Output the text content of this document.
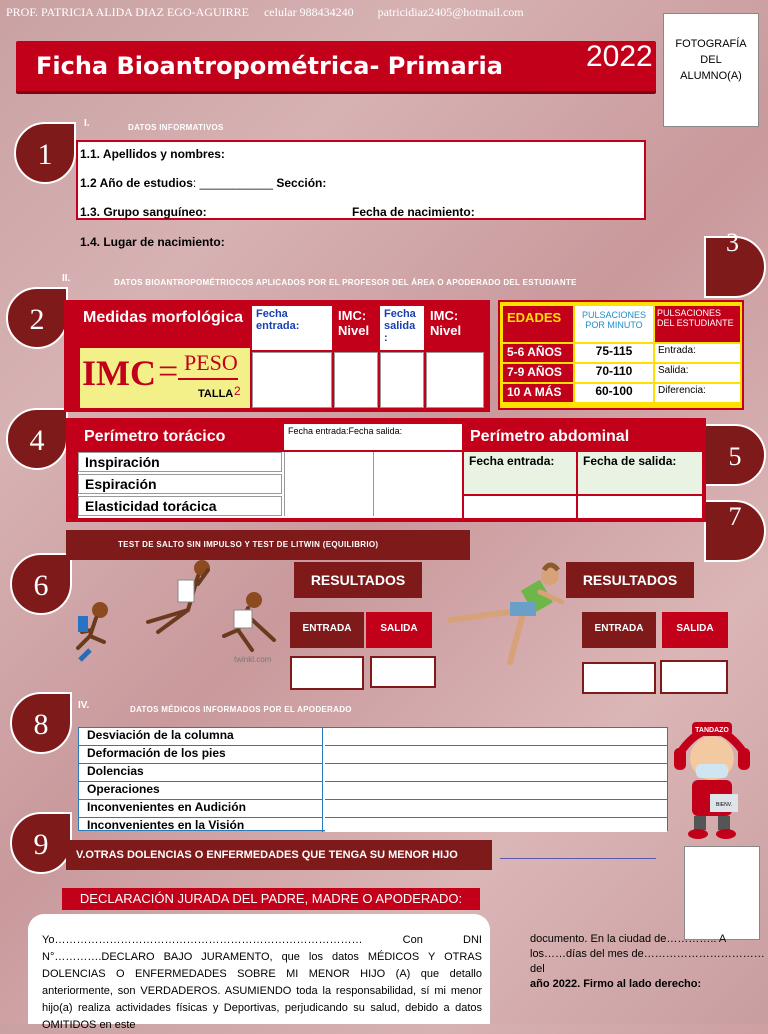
PROF. PATRICIA ALIDA DIAZ EGO-AGUIRRE celular 988434240 patricidiaz2405@hotmail.com
Ficha Bioantropométrica- Primaria	2022	FOTOGRAFÍA
DEL
ALUMNO(A)
1
2
3
4	5
6
7
8
9
I.	DATOS INFORMATIVOS
1.1. Apellidos y nombres:
1.2 Año de estudios: ___________ Sección:
1.3. Grupo sanguíneo:	Fecha de nacimiento:
1.4. Lugar de nacimiento:
II.	DATOS BIOANTROPOMÉTRIOCOS APLICADOS POR EL PROFESOR DEL ÁREA O APODERADO DEL ESTUDIANTE
Medidas morfológica	Fecha entrada:
IMC: Nivel
Fecha salida :
IMC: Nivel
IMC = PESO
TALLA 2
EDADES	PULSACIONES POR MINUTO
PULSACIONES DEL ESTUDIANTE
5-6 AÑOS	75-115	Entrada:
7-9 AÑOS	70-110	Salida:
10 A MÁS	60-100	Diferencia:
Perímetro torácico	Fecha entrada:Fecha salida:
Inspiración
Espiración
Elasticidad torácica
Perímetro abdominal
Fecha entrada:	Fecha de salida:
TEST DE SALTO SIN IMPULSO Y TEST DE LITWIN (EQUILIBRIO)
twinkl.com
RESULTADOS
ENTRADA	SALIDA
RESULTADOS
ENTRADA	SALIDA
IV.	DATOS MÉDICOS INFORMADOS POR EL APODERADO
Desviación de la columna
Deformación de los pies
Dolencias
Operaciones
Inconvenientes en Audición
Inconvenientes en la Visión
TANDAZO
BIENV.
V.OTRAS DOLENCIAS O ENFERMEDADES QUE TENGA SU MENOR HIJO
DECLARACIÓN JURADA DEL PADRE, MADRE O APODERADO:
Yo………………………………………………………………………… Con DNI N°………….DECLARO BAJO JURAMENTO, que los datos MÉDICOS Y OTRAS DOLENCIAS O ENFERMEDADES SOBRE MI MENOR HIJO (A) que detallo anteriormente, son VERDADEROS. ASUMIENDO toda la responsabilidad, sí mi menor hijo(a) realiza actividades físicas y Deportivas, perjudicando su salud, debido a datos OMITIDOS en este
documento. En la ciudad de………….. A
los……días del mes de……………………………
del
año 2022. Firmo al lado derecho:
